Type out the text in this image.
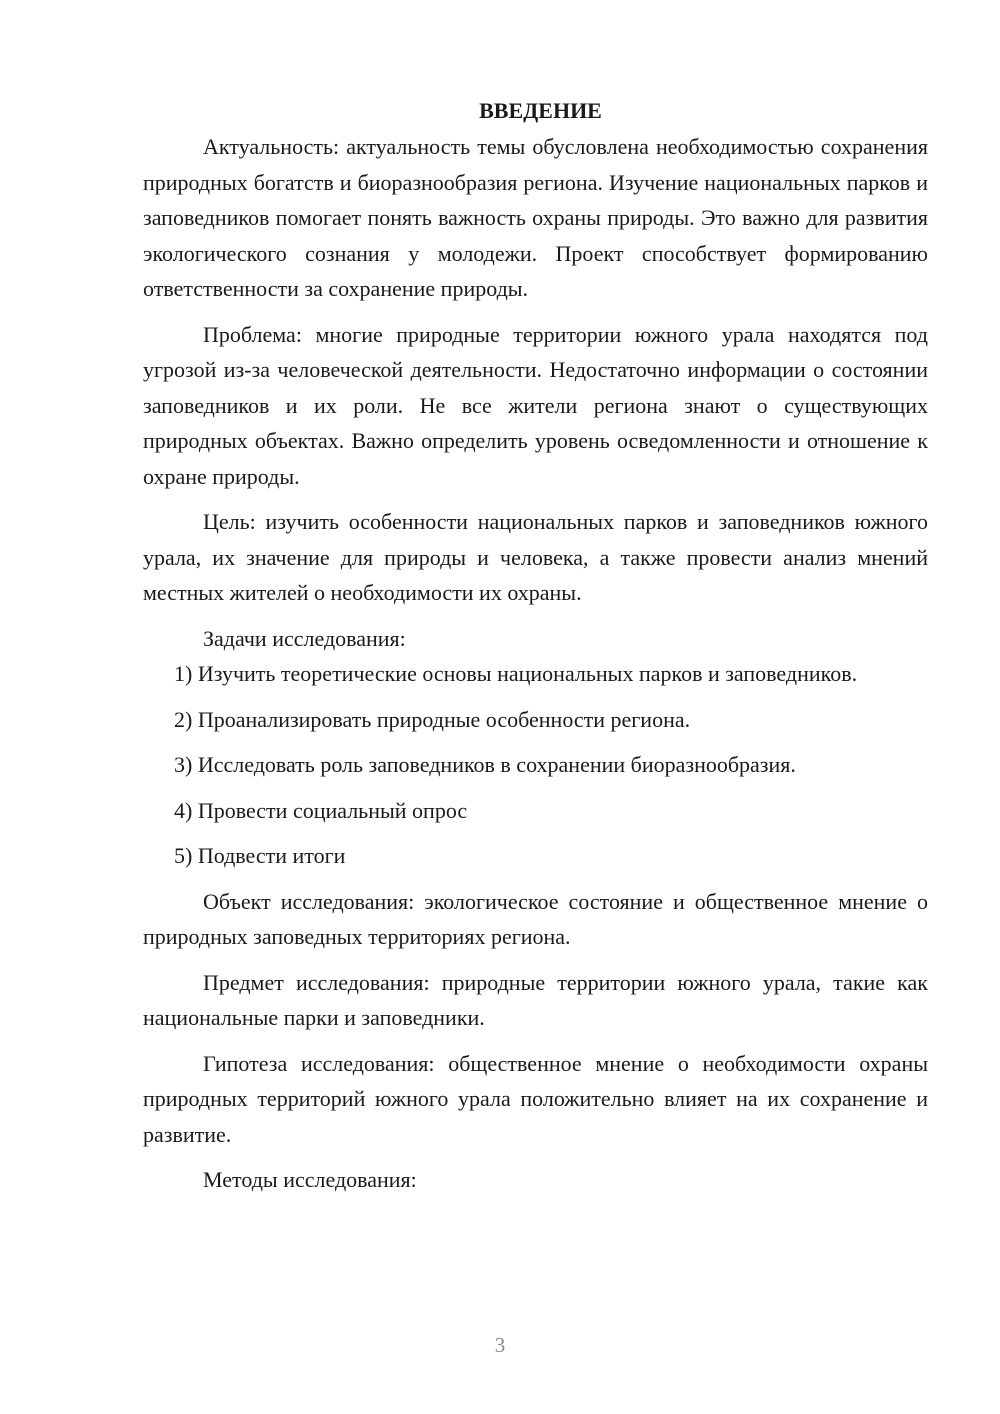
ВВЕДЕНИЕ

Актуальность: актуальность темы обусловлена необходимостью сохранения природных богатств и биоразнообразия региона. Изучение национальных парков и заповедников помогает понять важность охраны природы. Это важно для развития экологического сознания у молодежи. Проект способствует формированию ответственности за сохранение природы.

Проблема: многие природные территории южного урала находятся под угрозой из-за человеческой деятельности. Недостаточно информации о состоянии заповедников и их роли. Не все жители региона знают о существующих природных объектах. Важно определить уровень осведомленности и отношение к охране природы.

Цель: изучить особенности национальных парков и заповедников южного урала, их значение для природы и человека, а также провести анализ мнений местных жителей о необходимости их охраны.

Задачи исследования:

1) Изучить теоретические основы национальных парков и заповедников.

2) Проанализировать природные особенности региона.

3) Исследовать роль заповедников в сохранении биоразнообразия.

4) Провести социальный опрос

5) Подвести итоги

Объект исследования: экологическое состояние и общественное мнение о природных заповедных территориях региона.

Предмет исследования: природные территории южного урала, такие как национальные парки и заповедники.

Гипотеза исследования: общественное мнение о необходимости охраны природных территорий южного урала положительно влияет на их сохранение и развитие.

Методы исследования:

3
